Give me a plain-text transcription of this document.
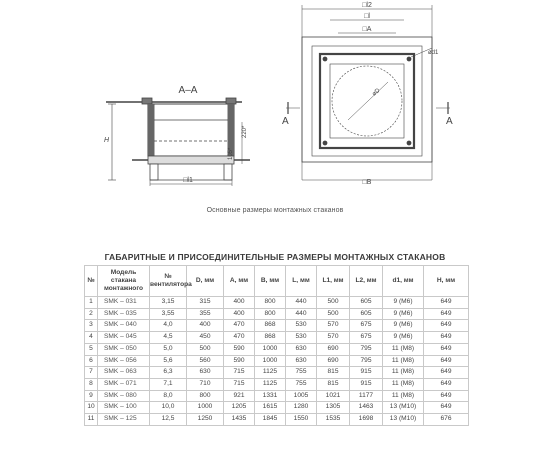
A–A
H
220*
105*
□l1
□l2
□l
□A
øD
ød1
A	A
□B
Основные размеры монтажных стаканов
ГАБАРИТНЫЕ И ПРИСОЕДИНИТЕЛЬНЫЕ РАЗМЕРЫ МОНТАЖНЫХ СТАКАНОВ
№	Модель стакана монтажного	№ вентилятора	D, мм	A, мм	B, мм	L, мм	L1, мм	L2, мм	d1, мм	H, мм
1	SMK – 031	3,15	315	400	800	440	500	605	9 (M6)	649
2	SMK – 035	3,55	355	400	800	440	500	605	9 (M6)	649
3	SMK – 040	4,0	400	470	868	530	570	675	9 (M6)	649
4	SMK – 045	4,5	450	470	868	530	570	675	9 (M6)	649
5	SMK – 050	5,0	500	590	1000	630	690	795	11 (M8)	649
6	SMK – 056	5,6	560	590	1000	630	690	795	11 (M8)	649
7	SMK – 063	6,3	630	715	1125	755	815	915	11 (M8)	649
8	SMK – 071	7,1	710	715	1125	755	815	915	11 (M8)	649
9	SMK – 080	8,0	800	921	1331	1005	1021	1177	11 (M8)	649
10	SMK – 100	10,0	1000	1205	1615	1280	1305	1463	13 (M10)	649
11	SMK – 125	12,5	1250	1435	1845	1550	1535	1698	13 (M10)	676
